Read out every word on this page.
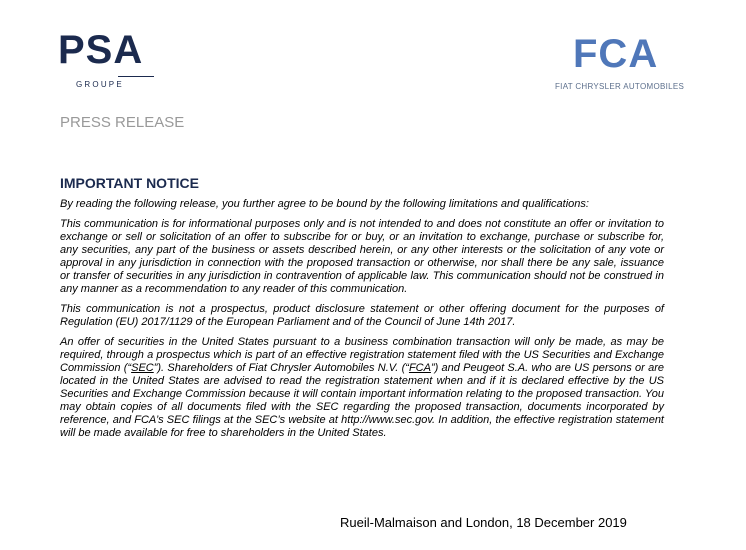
PSA
GROUPE
FCA
FIAT CHRYSLER AUTOMOBILES
PRESS RELEASE
IMPORTANT NOTICE

By reading the following release, you further agree to be bound by the following limitations and qualifications:

This communication is for informational purposes only and is not intended to and does not constitute an offer or invitation to exchange or sell or solicitation of an offer to subscribe for or buy, or an invitation to exchange, purchase or subscribe for, any securities, any part of the business or assets described herein, or any other interests or the solicitation of any vote or approval in any jurisdiction in connection with the proposed transaction or otherwise, nor shall there be any sale, issuance or transfer of securities in any jurisdiction in contravention of applicable law. This communication should not be construed in any manner as a recommendation to any reader of this communication.

This communication is not a prospectus, product disclosure statement or other offering document for the purposes of Regulation (EU) 2017/1129 of the European Parliament and of the Council of June 14th 2017.

An offer of securities in the United States pursuant to a business combination transaction will only be made, as may be required, through a prospectus which is part of an effective registration statement filed with the US Securities and Exchange Commission (“SEC”). Shareholders of Fiat Chrysler Automobiles N.V. (“FCA”) and Peugeot S.A. who are US persons or are located in the United States are advised to read the registration statement when and if it is declared effective by the US Securities and Exchange Commission because it will contain important information relating to the proposed transaction. You may obtain copies of all documents filed with the SEC regarding the proposed transaction, documents incorporated by reference, and FCA’s SEC filings at the SEC’s website at http://www.sec.gov. In addition, the effective registration statement will be made available for free to shareholders in the United States.

Rueil-Malmaison and London, 18 December 2019
